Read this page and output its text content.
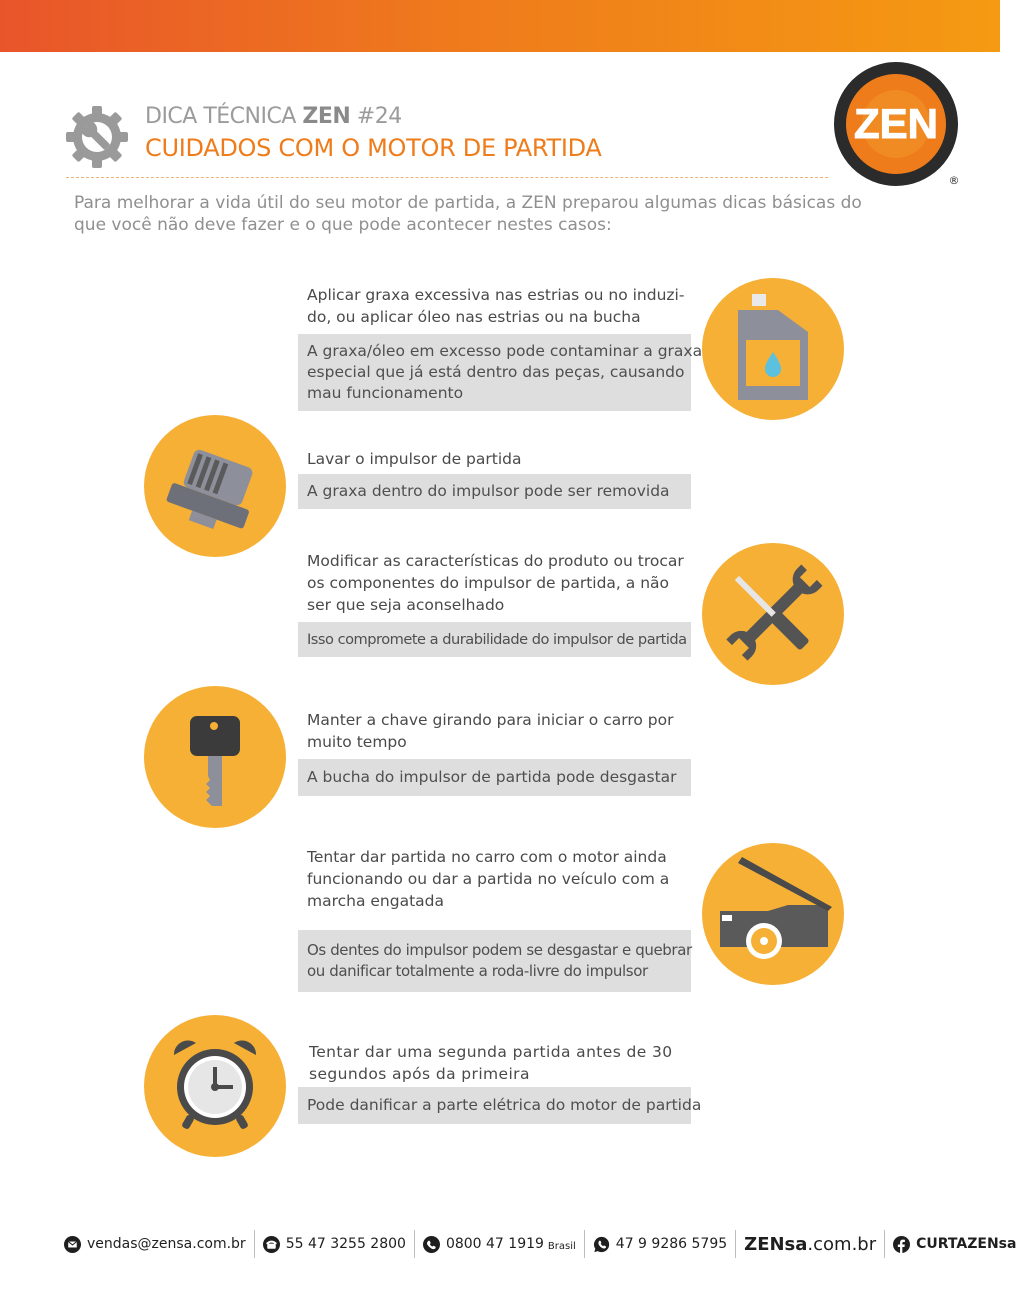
DICA TÉCNICA ZEN #24
CUIDADOS COM O MOTOR DE PARTIDA
ZEN
®
Para melhorar a vida útil do seu motor de partida, a ZEN preparou algumas dicas básicas do
que você não deve fazer e o que pode acontecer nestes casos:
Aplicar graxa excessiva nas estrias ou no induzi-
do, ou aplicar óleo nas estrias ou na bucha
A graxa/óleo em excesso pode contaminar a graxa
especial que já está dentro das peças, causando
mau funcionamento
Lavar o impulsor de partida
A graxa dentro do impulsor pode ser removida
Modificar as características do produto ou trocar
os componentes do impulsor de partida, a não
ser que seja aconselhado
Isso compromete a durabilidade do impulsor de partida
Manter a chave girando para iniciar o carro por
muito tempo
A bucha do impulsor de partida pode desgastar
Tentar dar partida no carro com o motor ainda
funcionando ou dar a partida no veículo com a
marcha engatada
Os dentes do impulsor podem se desgastar e quebrar
ou danificar totalmente a roda-livre do impulsor
Tentar dar uma segunda partida antes de 30
segundos após da primeira
Pode danificar a parte elétrica do motor de partida
vendas@zensa.com.br	55 47 3255 2800	0800 47 1919 Brasil	47 9 9286 5795 ZENsa .com.br	CURTAZENsa
